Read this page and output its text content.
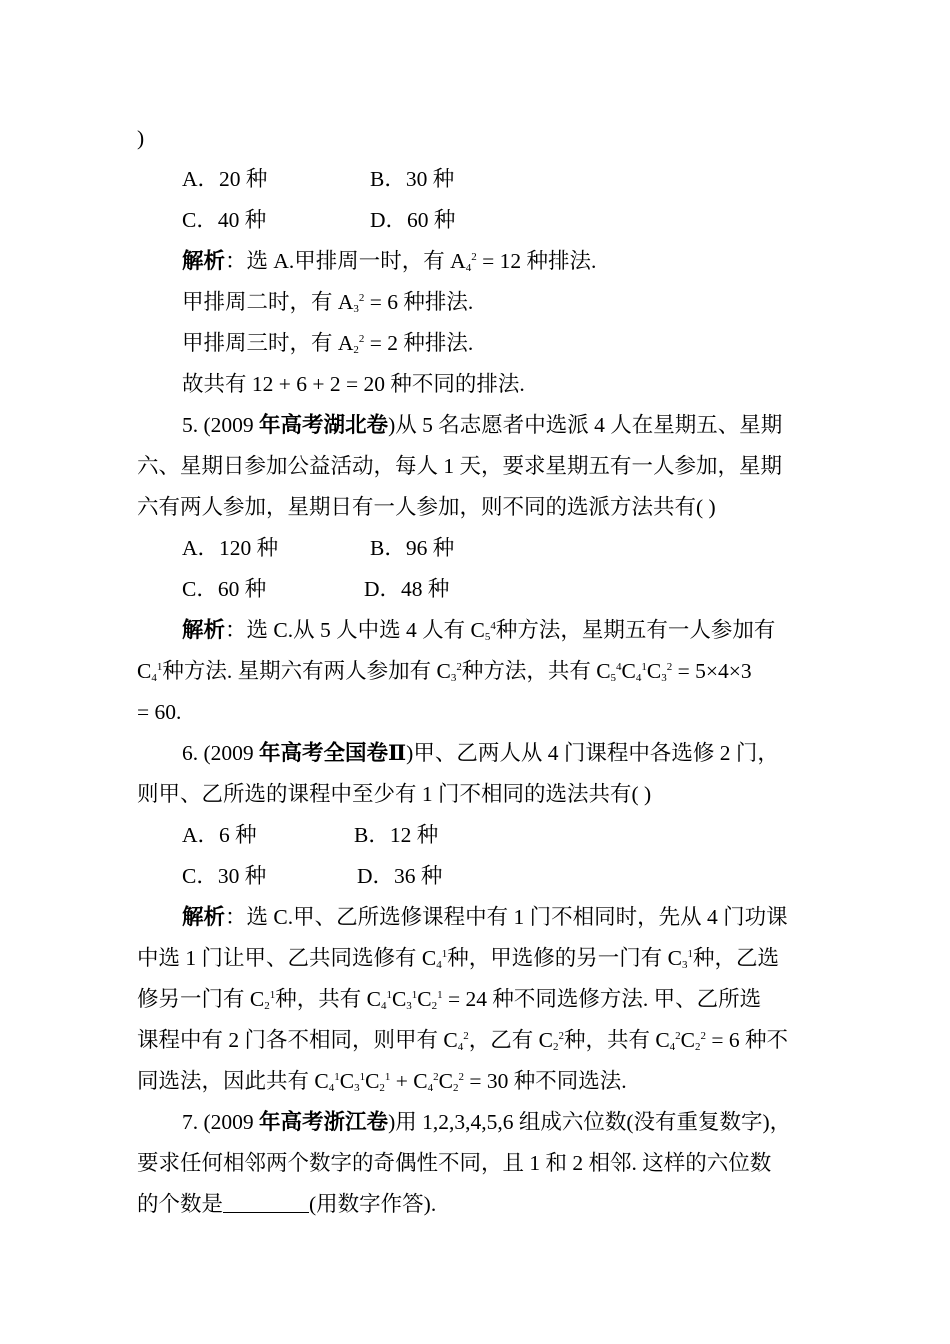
)
A．20 种	B．30 种
C．40 种	D．60 种
解析：选 A.甲排周一时，有 $A_4^2 = 12$ 种排法.
甲排周二时，有 $A_3^2 = 6$ 种排法.
甲排周三时，有 $A_2^2 = 2$ 种排法.
故共有 12 + 6 + 2 = 20 种不同的排法.
5. (2009 年高考湖北卷)从 5 名志愿者中选派 4 人在星期五、星期
六、星期日参加公益活动，每人 1 天，要求星期五有一人参加，星期
六有两人参加，星期日有一人参加，则不同的选派方法共有( )
A．120 种	B．96 种
C．60 种	D．48 种
解析：选 C.从 5 人中选 4 人有 $C_5^4$种方法，星期五有一人参加有
$C_4^1$种方法. 星期六有两人参加有 $C_3^2$种方法，共有 $C_5^4C_4^1C_3^2 = 5\times 4\times 3$
= 60.
6. (2009 年高考全国卷Ⅱ)甲、乙两人从 4 门课程中各选修 2 门，
则甲、乙所选的课程中至少有 1 门不相同的选法共有( )
A．6 种	B．12 种
C．30 种	D．36 种
解析：选 C.甲、乙所选修课程中有 1 门不相同时，先从 4 门功课
中选 1 门让甲、乙共同选修有 $C_4^1$种，甲选修的另一门有 $C_3^1$种，乙选
修另一门有 $C_2^1$种，共有 $C_4^1C_3^1C_2^1 = 24$ 种不同选修方法. 甲、乙所选
课程中有 2 门各不相同，则甲有 $C_4^2$，乙有 $C_2^2$种，共有 $C_4^2C_2^2 = 6$ 种不
同选法，因此共有 $C_4^1C_3^1C_2^1 + C_4^2C_2^2 = 30$ 种不同选法.
7. (2009 年高考浙江卷)用 1,2,3,4,5,6 组成六位数(没有重复数字)，
要求任何相邻两个数字的奇偶性不同，且 1 和 2 相邻. 这样的六位数
的个数是	(用数字作答).
